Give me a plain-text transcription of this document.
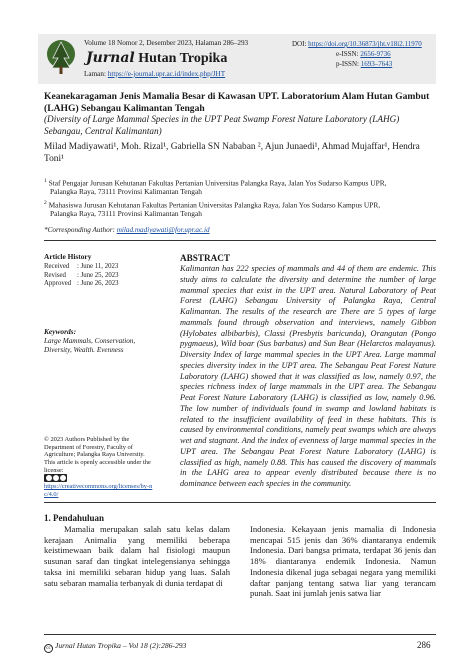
Volume 18 Nomor 2, Desember 2023, Halaman 286–293
Jurnal Hutan Tropika
Laman: https://e-journal.upr.ac.id/index.php/JHT
DOI: https://doi.org/10.36873/jht.v18i2.11970
e-ISSN: 2656-9736
p-ISSN: 1693–7643
Keanekaragaman Jenis Mamalia Besar di Kawasan UPT. Laboratorium Alam Hutan Gambut (LAHG) Sebangau Kalimantan Tengah
(Diversity of Large Mammal Species in the UPT Peat Swamp Forest Nature Laboratory (LAHG) Sebangau, Central Kalimantan)
Milad Madiyawati¹, Moh. Rizal¹, Gabriella SN Nababan ², Ajun Junaedi¹, Ahmad Mujaffar¹, Hendra Toni¹
$^1$ Staf Pengajar Jurusan Kehutanan Fakultas Pertanian Universitas Palangka Raya, Jalan Yos Sudarso Kampus UPR,
Palangka Raya, 73111 Provinsi Kalimantan Tengah
$^2$ Mahasiswa Jurusan Kehutanan Fakultas Pertanian Universitas Palangka Raya, Jalan Yos Sudarso Kampus UPR,
Palangka Raya, 73111 Provinsi Kalimantan Tengah
*Corresponding Author: milad.madiyawati@for.upr.ac.id
Article History
Received : June 11, 2023
Revised : June 25, 2023
Approved : June 26, 2023
Keywords:
Large Mammals, Conservation, Diversity, Wealth. Evenness
© 2023 Authors Published by the Department of Forestry, Faculty of Agriculture; Palangka Raya University. This article is openly accessible under the license:
https://creativecommons.org/licenses/by-nc/4.0/
ABSTRACT
Kalimantan has 222 species of mammals and 44 of them are endemic. This study aims to calculate the diversity and determine the number of large mammal species that exist in the UPT area. Natural Laboratory of Peat Forest (LAHG) Sebangau University of Palangka Raya, Central Kalimantan. The results of the research are There are 5 types of large mammals found through observation and interviews, namely Gibbon (Hylobates albibarbis), Classi (Presbytis baricunda), Orangutan (Pongo pygmaeus), Wild boar (Sus barbatus) and Sun Bear (Helarctos malayanus). Diversity Index of large mammal species in the UPT Area. Large mammal species diversity index in the UPT area. The Sebangau Peat Forest Nature Laboratory (LAHG) showed that it was classified as low, namely 0.97, the species richness index of large mammals in the UPT area. The Sebangau Peat Forest Nature Laboratory (LAHG) is classified as low, namely 0.96. The low number of individuals found in swamp and lowland habitats is related to the insufficient availability of feed in these habitats. This is caused by environmental conditions, namely peat swamps which are always wet and stagnant. And the index of evenness of large mammal species in the UPT area. The Sebangau Peat Forest Nature Laboratory (LAHG) is classified as high, namely 0.88. This has caused the discovery of mammals in the LAHG area to appear evenly distributed because there is no dominance between each species in the community.
1. Pendahuluan
Mamalia merupakan salah satu kelas dalam kerajaan Animalia yang memiliki beberapa keistimewaan baik dalam hal fisiologi maupun susunan saraf dan tingkat intelegensianya sehingga taksa ini memiliki sebaran hidup yang luas. Salah satu sebaran mamalia terbanyak di dunia terdapat di
Indonesia. Kekayaan jenis mamalia di Indonesia mencapai 515 jenis dan 36% diantaranya endemik Indonesia. Dari bangsa primata, terdapat 36 jenis dan 18% diantaranya endemik Indonesia. Namun Indonesia dikenal juga sebagai negara yang memiliki daftar panjang tentang satwa liar yang terancam punah. Saat ini jumlah jenis satwa liar
cc Jurnal Hutan Tropika – Vol 18 (2):286-293	286
